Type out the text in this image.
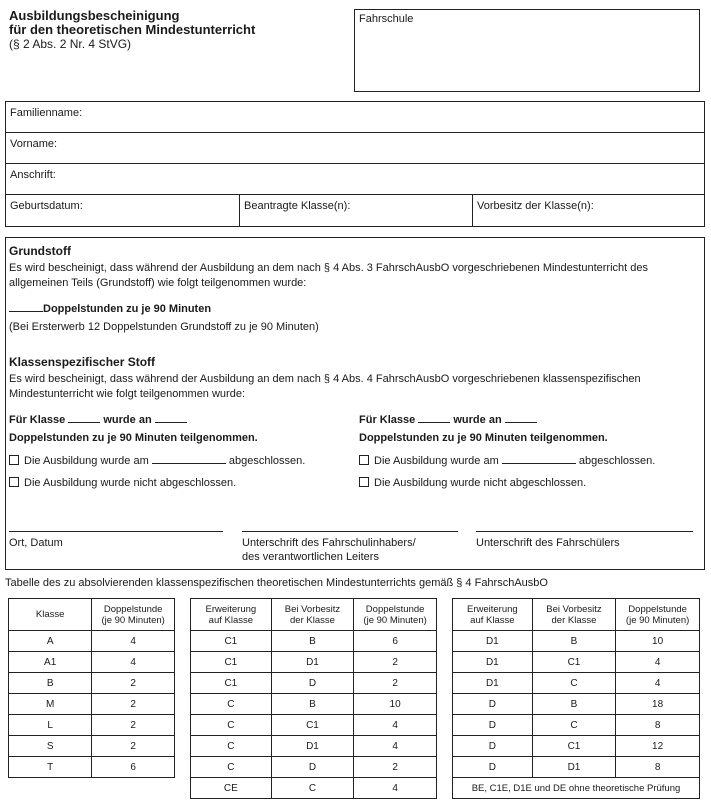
Ausbildungsbescheinigung
für den theoretischen Mindestunterricht
(§ 2 Abs. 2 Nr. 4 StVG)
Fahrschule
Familienname:
Vorname:
Anschrift:
Geburtsdatum:	Beantragte Klasse(n):	Vorbesitz der Klasse(n):
Grundstoff
Es wird bescheinigt, dass während der Ausbildung an dem nach § 4 Abs. 3 FahrschAusbO vorgeschriebenen Mindestunterricht des allgemeinen Teils (Grundstoff) wie folgt teilgenommen wurde:
Doppelstunden zu je 90 Minuten
(Bei Ersterwerb 12 Doppelstunden Grundstoff zu je 90 Minuten)
Klassenspezifischer Stoff
Es wird bescheinigt, dass während der Ausbildung an dem nach § 4 Abs. 4 FahrschAusbO vorgeschriebenen klassenspezifischen Mindestunterricht wie folgt teilgenommen wurde:
Für Klasse	wurde an
Doppelstunden zu je 90 Minuten teilgenommen.
Die Ausbildung wurde am	abgeschlossen.
Die Ausbildung wurde nicht abgeschlossen.
Für Klasse	wurde an
Doppelstunden zu je 90 Minuten teilgenommen.
Die Ausbildung wurde am	abgeschlossen.
Die Ausbildung wurde nicht abgeschlossen.
Ort, Datum	Unterschrift des Fahrschulinhabers/
des verantwortlichen Leiters
Unterschrift des Fahrschülers
Tabelle des zu absolvierenden klassenspezifischen theoretischen Mindestunterrichts gemäß § 4 FahrschAusbO
Klasse	Doppelstunde
(je 90 Minuten)
A	4
A1	4
B	2
M	2
L	2
S	2
T	6
Erweiterung
auf Klasse	Bei Vorbesitz
der Klasse	Doppelstunde
(je 90 Minuten)
C1	B	6
C1	D1	2
C1	D	2
C	B	10
C	C1	4
C	D1	4
C	D	2
CE	C	4
Erweiterung
auf Klasse	Bei Vorbesitz
der Klasse	Doppelstunde
(je 90 Minuten)
D1	B	10
D1	C1	4
D1	C	4
D	B	18
D	C	8
D	C1	12
D	D1	8
BE, C1E, D1E und DE ohne theoretische Prüfung		
